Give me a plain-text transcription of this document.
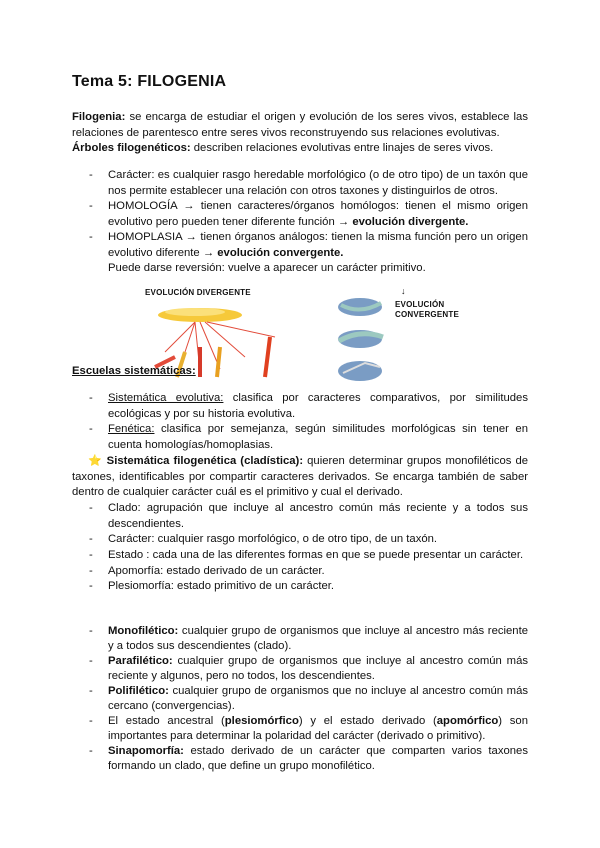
Tema 5: FILOGENIA
Filogenia: se encarga de estudiar el origen y evolución de los seres vivos, establece las relaciones de parentesco entre seres vivos reconstruyendo sus relaciones evolutivas.
Árboles filogenéticos: describen relaciones evolutivas entre linajes de seres vivos.
- Carácter: es cualquier rasgo heredable morfológico (o de otro tipo) de un taxón que nos permite establecer una relación con otros taxones y distinguirlos de otros.
- HOMOLOGÍA → tienen caracteres/órganos homólogos: tienen el mismo origen evolutivo pero pueden tener diferente función → evolución divergente.
- HOMOPLASIA → tienen órganos análogos: tienen la misma función pero un origen evolutivo diferente → evolución convergente.
Puede darse reversión: vuelve a aparecer un carácter primitivo.
EVOLUCIÓN DIVERGENTE	↓
EVOLUCIÓN
CONVERGENTE
Escuelas sistemáticas:
- Sistemática evolutiva: clasifica por caracteres comparativos, por similitudes ecológicas y por su historia evolutiva.
- Fenética: clasifica por semejanza, según similitudes morfológicas sin tener en cuenta homologías/homoplasias.
⭐ Sistemática filogenética (cladística): quieren determinar grupos monofiléticos de taxones, identificables por compartir caracteres derivados. Se encarga también de saber dentro de cualquier carácter cuál es el primitivo y cual el derivado.
- Clado: agrupación que incluye al ancestro común más reciente y a todos sus descendientes.
- Carácter: cualquier rasgo morfológico, o de otro tipo, de un taxón.
- Estado : cada una de las diferentes formas en que se puede presentar un carácter.
- Apomorfía: estado derivado de un carácter.
- Plesiomorfía: estado primitivo de un carácter.
- Monofilético: cualquier grupo de organismos que incluye al ancestro más reciente y a todos sus descendientes (clado).
- Parafilético: cualquier grupo de organismos que incluye al ancestro común más reciente y algunos, pero no todos, los descendientes.
- Polifilético: cualquier grupo de organismos que no incluye al ancestro común más cercano (convergencias).
- El estado ancestral (plesiomórfico) y el estado derivado (apomórfico) son importantes para determinar la polaridad del carácter (derivado o primitivo).
- Sinapomorfía: estado derivado de un carácter que comparten varios taxones formando un clado, que define un grupo monofilético.
